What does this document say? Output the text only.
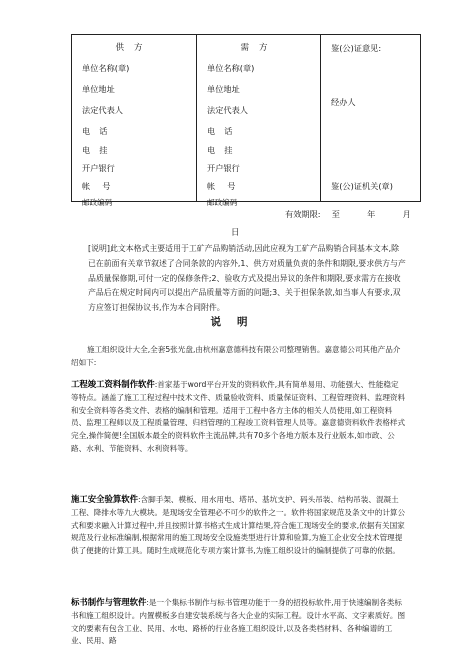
供方
单位名称(章)
单位地址
法定代表人
电话
电挂
开户银行
帐号
邮政编码
需方
单位名称(章)
单位地址
法定代表人
电话
电挂
开户银行
帐号
邮政编码
鉴(公)证意见:
经办人
鉴(公)证机关(章)
有效期限: 至	年	月
日
[说明]此文本格式主要适用于工矿产品购销活动,因此应视为工矿产品购销合同基本文本,除已在前面有关章节叙述了合同条款的内容外,1、供方对质量负责的条件和期限,要求供方与产品质量保修期,可付一定的保修条件;2、验收方式及提出异议的条件和期限,要求需方在接收产品后在规定时间内可以提出产品质量等方面的问题;3、关于担保条款,如当事人有要求,双方应签订担保协议书,作为本合同附件。
说明
施工组织设计大全,全套5张光盘,由杭州嘉意德科技有限公司整理销售。嘉意德公司其他产品介绍如下:
工程竣工资料制作软件:首家基于word平台开发的资料软件,具有简单易用、功能强大、性能稳定等特点。涵盖了施工工程过程中技术文件、质量验收资料、质量保证资料、工程管理资料、监理资料和安全资料等各类文件、表格的编制和管理。适用于工程中各方主体的相关人员使用,如工程资料员、监理工程师以及工程质量管理、归档管理的工程竣工资料管理人员等。嘉意德资料软件表格样式完全,操作简便!全国版本最全的资料软件主流品牌,共有70多个各地方版本及行业版本,如市政、公路、水利、节能资料、水利资料等。
施工安全验算软件:含脚手架、模板、用水用电、塔吊、基坑支护、码头吊装、结构吊装、混凝土工程、降排水等九大模块。是现场安全管理必不可少的软件之一。软件将国家规范及条文中的计算公式和要求融入计算过程中,并且按照计算书格式生成计算结果,符合施工现场安全的要求,依据有关国家规范及行业标准编制,根据常用的施工现场安全设施类型进行计算和验算,为施工企业安全技术管理提供了便捷的计算工具。随时生成规范化专项方案计算书,为施工组织设计的编制提供了可靠的依据。
标书制作与管理软件:是一个集标书制作与标书管理功能于一身的招投标软件,用于快速编制各类标书和施工组织设计。内置模板多自建安装系统与各大企业的实际工程。设计水平高、文字素质好。图文的要素有包含工业、民用、水电、路桥的行业各施工组织设计,以及各类档材料、各种编谱的工业、民用、路
